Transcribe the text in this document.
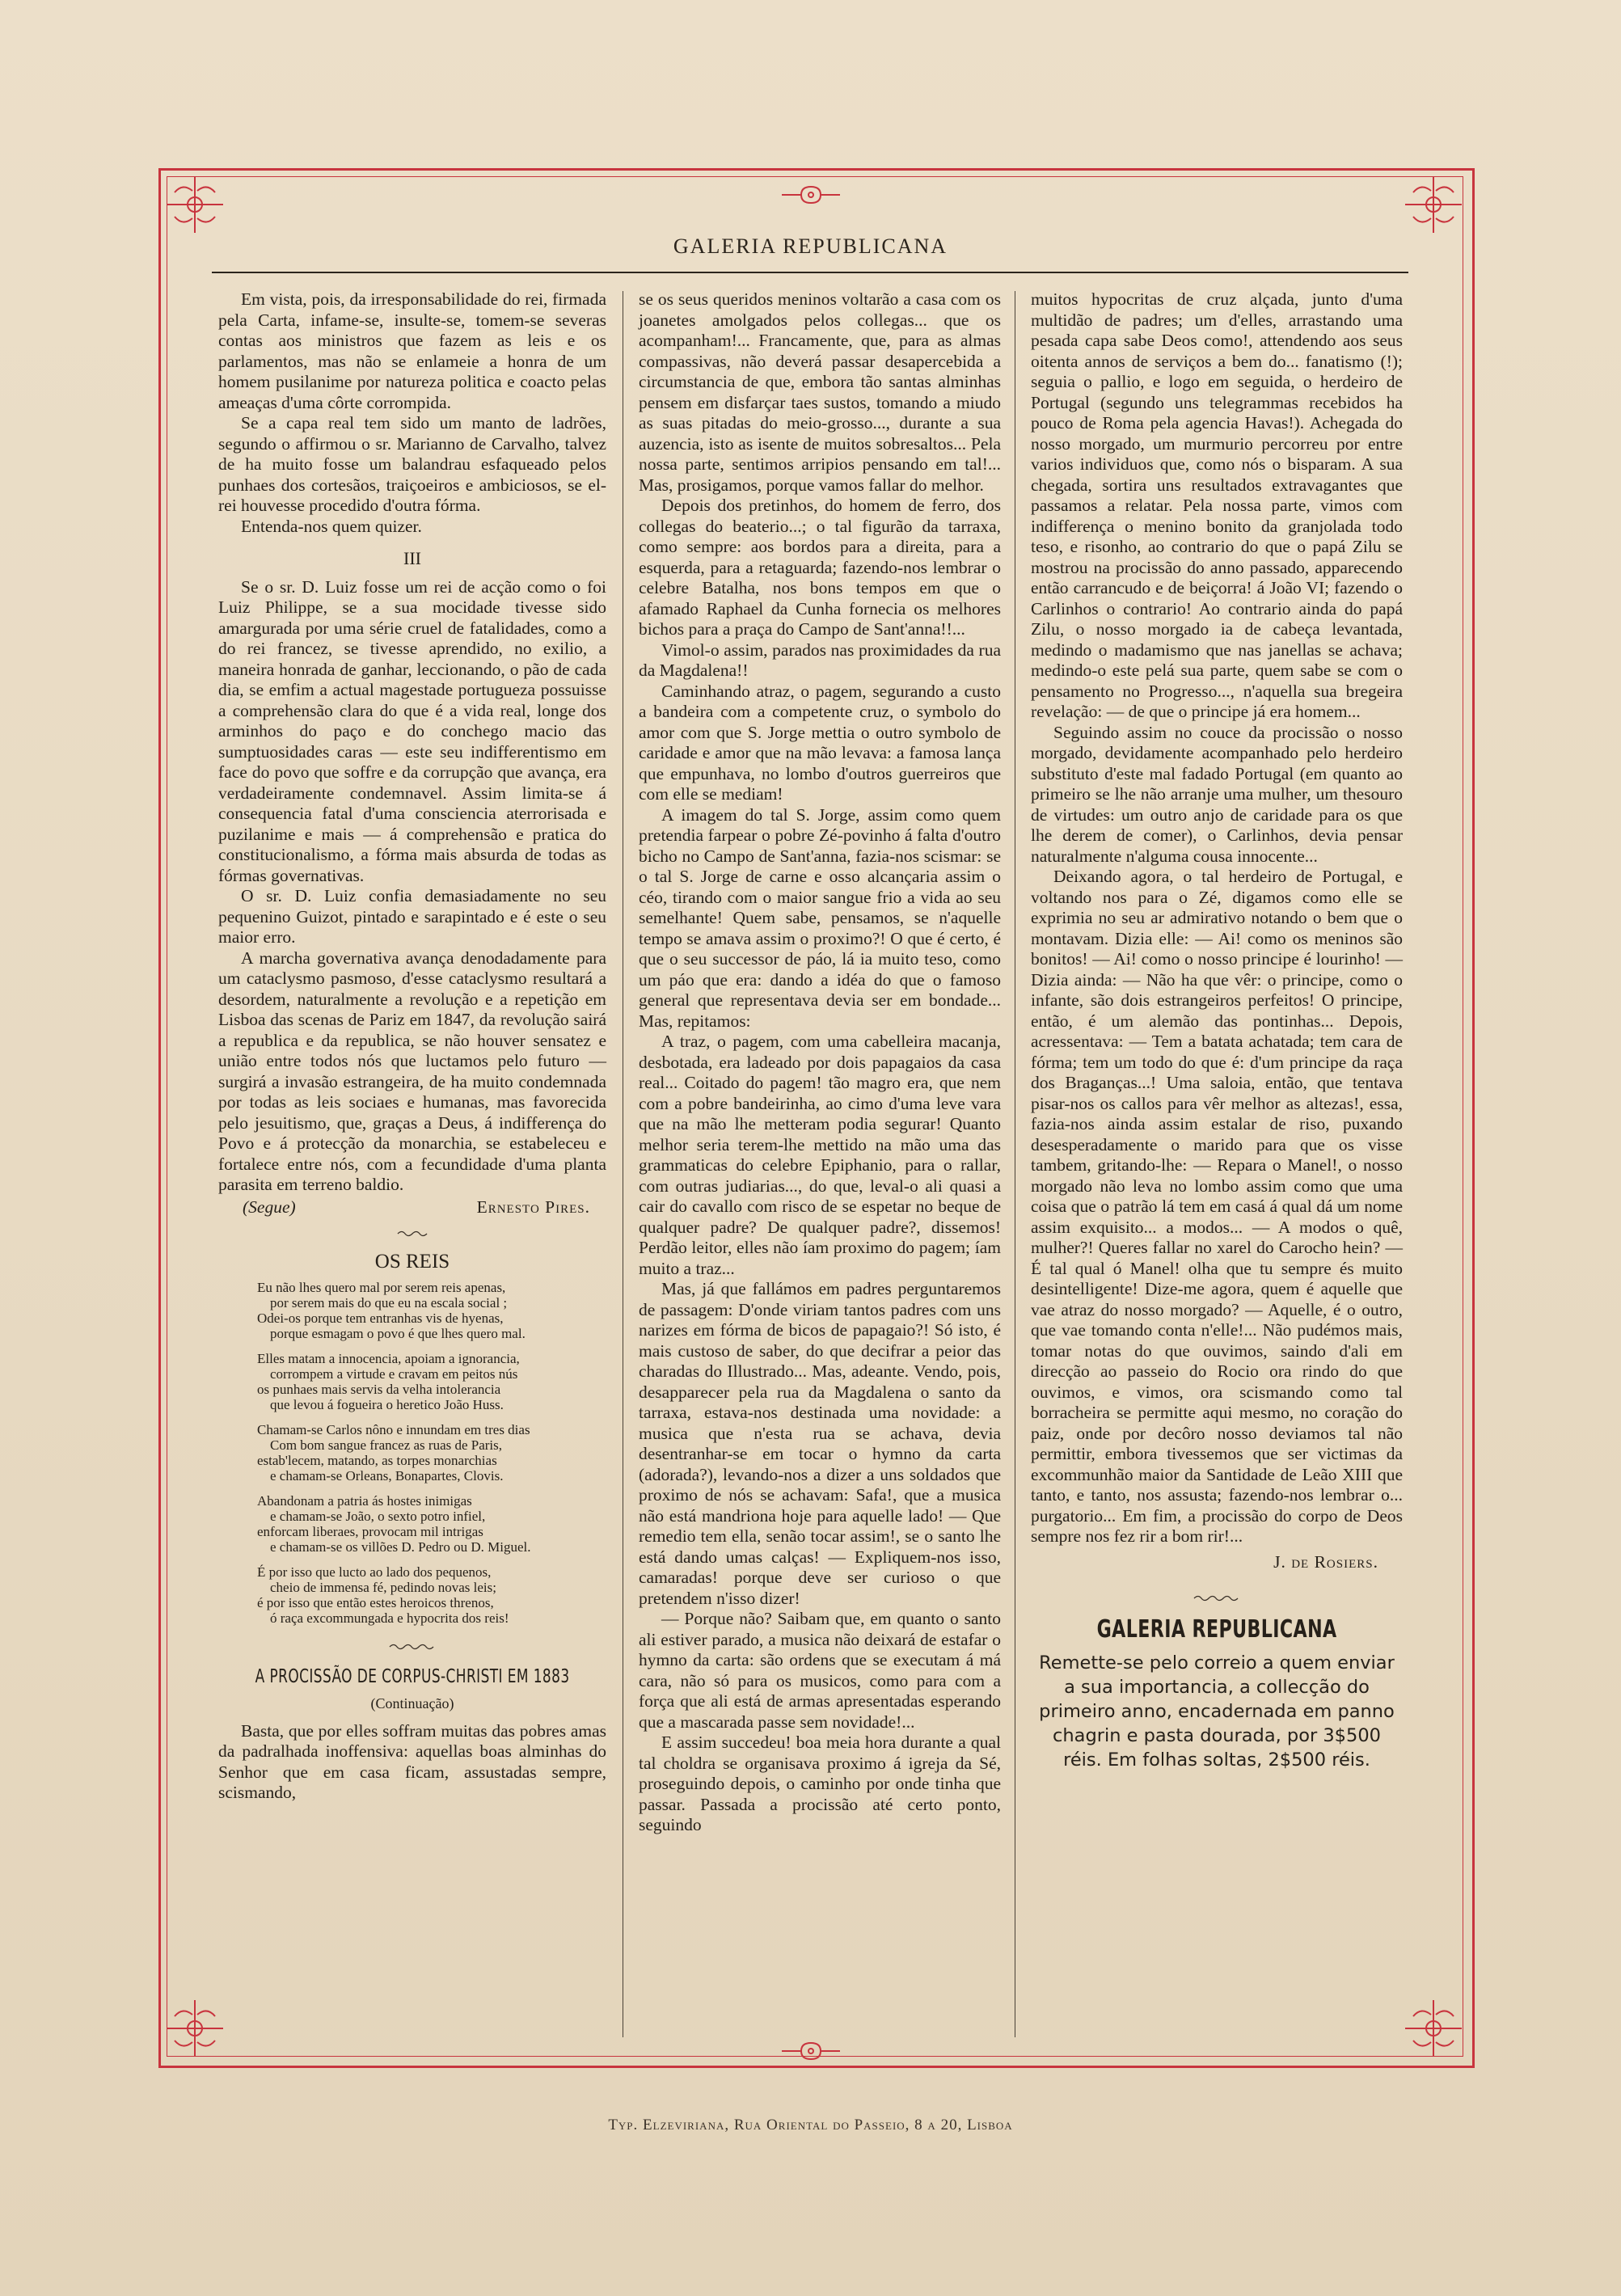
GALERIA REPUBLICANA

Em vista, pois, da irresponsabilidade do rei, firmada pela Carta, infame-se, insulte-se, tomem-se severas contas aos ministros que fazem as leis e os parlamentos, mas não se enlameie a honra de um homem pusilanime por natureza politica e coacto pelas ameaças d'uma côrte corrompida.

Se a capa real tem sido um manto de ladrões, segundo o affirmou o sr. Marianno de Carvalho, talvez de ha muito fosse um balandrau esfaqueado pelos punhaes dos cortesãos, traiçoeiros e ambiciosos, se el-rei houvesse procedido d'outra fórma.

Entenda-nos quem quizer.

III

Se o sr. D. Luiz fosse um rei de acção como o foi Luiz Philippe, se a sua mocidade tivesse sido amargurada por uma série cruel de fatalidades, como a do rei francez, se tivesse aprendido, no exilio, a maneira honrada de ganhar, leccionando, o pão de cada dia, se emfim a actual magestade portugueza possuisse a comprehensão clara do que é a vida real, longe dos arminhos do paço e do conchego macio das sumptuosidades caras — este seu indifferentismo em face do povo que soffre e da corrupção que avança, era verdadeiramente condemnavel. Assim limita-se á consequencia fatal d'uma consciencia aterrorisada e puzilanime e mais — á comprehensão e pratica do constitucionalismo, a fórma mais absurda de todas as fórmas governativas.

O sr. D. Luiz confia demasiadamente no seu pequenino Guizot, pintado e sarapintado e é este o seu maior erro.

A marcha governativa avança denodadamente para um cataclysmo pasmoso, d'esse cataclysmo resultará a desordem, naturalmente a revolução e a repetição em Lisboa das scenas de Pariz em 1847, da revolução sairá a republica e da republica, se não houver sensatez e união entre todos nós que luctamos pelo futuro — surgirá a invasão estrangeira, de ha muito condemnada por todas as leis sociaes e humanas, mas favorecida pelo jesuitismo, que, graças a Deus, á indifferença do Povo e á protecção da monarchia, se estabeleceu e fortalece entre nós, com a fecundidade d'uma planta parasita em terreno baldio.

(Segue)	Ernesto Pires.
OS REIS
Eu não lhes quero mal por serem reis apenas,
por serem mais do que eu na escala social ;
Odei-os porque tem entranhas vis de hyenas,
porque esmagam o povo é que lhes quero mal.
Elles matam a innocencia, apoiam a ignorancia,
corrompem a virtude e cravam em peitos nús
os punhaes mais servis da velha intolerancia
que levou á fogueira o heretico João Huss.
Chamam-se Carlos nôno e innundam em tres dias
Com bom sangue francez as ruas de Paris,
estab'lecem, matando, as torpes monarchias
e chamam-se Orleans, Bonapartes, Clovis.
Abandonam a patria ás hostes inimigas
e chamam-se João, o sexto potro infiel,
enforcam liberaes, provocam mil intrigas
e chamam-se os villões D. Pedro ou D. Miguel.
É por isso que lucto ao lado dos pequenos,
cheio de immensa fé, pedindo novas leis;
é por isso que então estes heroicos threnos,
ó raça excommungada e hypocrita dos reis!
A PROCISSÃO DE CORPUS-CHRISTI EM 1883
(Continuação)

Basta, que por elles soffram muitas das pobres amas da padralhada inoffensiva: aquellas boas alminhas do Senhor que em casa ficam, assustadas sempre, scismando,

se os seus queridos meninos voltarão a casa com os joanetes amolgados pelos collegas... que os acompanham!... Francamente, que, para as almas compassivas, não deverá passar desapercebida a circumstancia de que, embora tão santas alminhas pensem em disfarçar taes sustos, tomando a miudo as suas pitadas do meio-grosso..., durante a sua auzencia, isto as isente de muitos sobresaltos... Pela nossa parte, sentimos arripios pensando em tal!... Mas, prosigamos, porque vamos fallar do melhor.

Depois dos pretinhos, do homem de ferro, dos collegas do beaterio...; o tal figurão da tarraxa, como sempre: aos bordos para a direita, para a esquerda, para a retaguarda; fazendo-nos lembrar o celebre Batalha, nos bons tempos em que o afamado Raphael da Cunha fornecia os melhores bichos para a praça do Campo de Sant'anna!!...

Vimol-o assim, parados nas proximidades da rua da Magdalena!!

Caminhando atraz, o pagem, segurando a custo a bandeira com a competente cruz, o symbolo do amor com que S. Jorge mettia o outro symbolo de caridade e amor que na mão levava: a famosa lança que empunhava, no lombo d'outros guerreiros que com elle se mediam!

A imagem do tal S. Jorge, assim como quem pretendia farpear o pobre Zé-povinho á falta d'outro bicho no Campo de Sant'anna, fazia-nos scismar: se o tal S. Jorge de carne e osso alcançaria assim o céo, tirando com o maior sangue frio a vida ao seu semelhante! Quem sabe, pensamos, se n'aquelle tempo se amava assim o proximo?! O que é certo, é que o seu successor de páo, lá ia muito teso, como um páo que era: dando a idéa do que o famoso general que representava devia ser em bondade... Mas, repitamos:

A traz, o pagem, com uma cabelleira macanja, desbotada, era ladeado por dois papagaios da casa real... Coitado do pagem! tão magro era, que nem com a pobre bandeirinha, ao cimo d'uma leve vara que na mão lhe metteram podia segurar! Quanto melhor seria terem-lhe mettido na mão uma das grammaticas do celebre Epiphanio, para o rallar, com outras judiarias..., do que, leval-o ali quasi a cair do cavallo com risco de se espetar no beque de qualquer padre? De qualquer padre?, dissemos! Perdão leitor, elles não íam proximo do pagem; íam muito a traz...

Mas, já que fallámos em padres perguntaremos de passagem: D'onde viriam tantos padres com uns narizes em fórma de bicos de papagaio?! Só isto, é mais custoso de saber, do que decifrar a peior das charadas do Illustrado... Mas, adeante. Vendo, pois, desapparecer pela rua da Magdalena o santo da tarraxa, estava-nos destinada uma novidade: a musica que n'esta rua se achava, devia desentranhar-se em tocar o hymno da carta (adorada?), levando-nos a dizer a uns soldados que proximo de nós se achavam: Safa!, que a musica não está mandriona hoje para aquelle lado! — Que remedio tem ella, senão tocar assim!, se o santo lhe está dando umas calças! — Expliquem-nos isso, camaradas! porque deve ser curioso o que pretendem n'isso dizer!

— Porque não? Saibam que, em quanto o santo ali estiver parado, a musica não deixará de estafar o hymno da carta: são ordens que se executam á má cara, não só para os musicos, como para com a força que ali está de armas apresentadas esperando que a mascarada passe sem novidade!...

E assim succedeu! boa meia hora durante a qual tal choldra se organisava proximo á igreja da Sé, proseguindo depois, o caminho por onde tinha que passar. Passada a procissão até certo ponto, seguindo

muitos hypocritas de cruz alçada, junto d'uma multidão de padres; um d'elles, arrastando uma pesada capa sabe Deos como!, attendendo aos seus oitenta annos de serviços a bem do... fanatismo (!); seguia o pallio, e logo em seguida, o herdeiro de Portugal (segundo uns telegrammas recebidos ha pouco de Roma pela agencia Havas!). Achegada do nosso morgado, um murmurio percorreu por entre varios individuos que, como nós o bisparam. A sua chegada, sortira uns resultados extravagantes que passamos a relatar. Pela nossa parte, vimos com indifferença o menino bonito da granjolada todo teso, e risonho, ao contrario do que o papá Zilu se mostrou na procissão do anno passado, apparecendo então carrancudo e de beiçorra! á João VI; fazendo o Carlinhos o contrario! Ao contrario ainda do papá Zilu, o nosso morgado ia de cabeça levantada, medindo o madamismo que nas janellas se achava; medindo-o este pelá sua parte, quem sabe se com o pensamento no Progresso..., n'aquella sua bregeira revelação: — de que o principe já era homem...

Seguindo assim no couce da procissão o nosso morgado, devidamente acompanhado pelo herdeiro substituto d'este mal fadado Portugal (em quanto ao primeiro se lhe não arranje uma mulher, um thesouro de virtudes: um outro anjo de caridade para os que lhe derem de comer), o Carlinhos, devia pensar naturalmente n'alguma cousa innocente...

Deixando agora, o tal herdeiro de Portugal, e voltando nos para o Zé, digamos como elle se exprimia no seu ar admirativo notando o bem que o montavam. Dizia elle: — Ai! como os meninos são bonitos! — Ai! como o nosso principe é lourinho! — Dizia ainda: — Não ha que vêr: o principe, como o infante, são dois estrangeiros perfeitos! O principe, então, é um alemão das pontinhas... Depois, acressentava: — Tem a batata achatada; tem cara de fórma; tem um todo do que é: d'um principe da raça dos Braganças...! Uma saloia, então, que tentava pisar-nos os callos para vêr melhor as altezas!, essa, fazia-nos ainda assim estalar de riso, puxando desesperadamente o marido para que os visse tambem, gritando-lhe: — Repara o Manel!, o nosso morgado não leva no lombo assim como que uma coisa que o patrão lá tem em casá á qual dá um nome assim exquisito... a modos... — A modos o quê, mulher?! Queres fallar no xarel do Carocho hein? — É tal qual ó Manel! olha que tu sempre és muito desintelligente! Dize-me agora, quem é aquelle que vae atraz do nosso morgado? — Aquelle, é o outro, que vae tomando conta n'elle!... Não pudémos mais, tomar notas do que ouvimos, saindo d'ali em direcção ao passeio do Rocio ora rindo do que ouvimos, e vimos, ora scismando como tal borracheira se permitte aqui mesmo, no coração do paiz, onde por decôro nosso deviamos tal não permittir, embora tivessemos que ser victimas da excommunhão maior da Santidade de Leão XIII que tanto, e tanto, nos assusta; fazendo-nos lembrar o... purgatorio... Em fim, a procissão do corpo de Deos sempre nos fez rir a bom rir!...

J. de Rosiers.
GALERIA REPUBLICANA
Remette-se pelo correio a quem enviar a sua importancia, a collecção do primeiro anno, encadernada em panno chagrin e pasta dourada, por 3$500 réis. Em folhas soltas, 2$500 réis.
Typ. Elzeviriana, Rua Oriental do Passeio, 8 a 20, Lisboa
